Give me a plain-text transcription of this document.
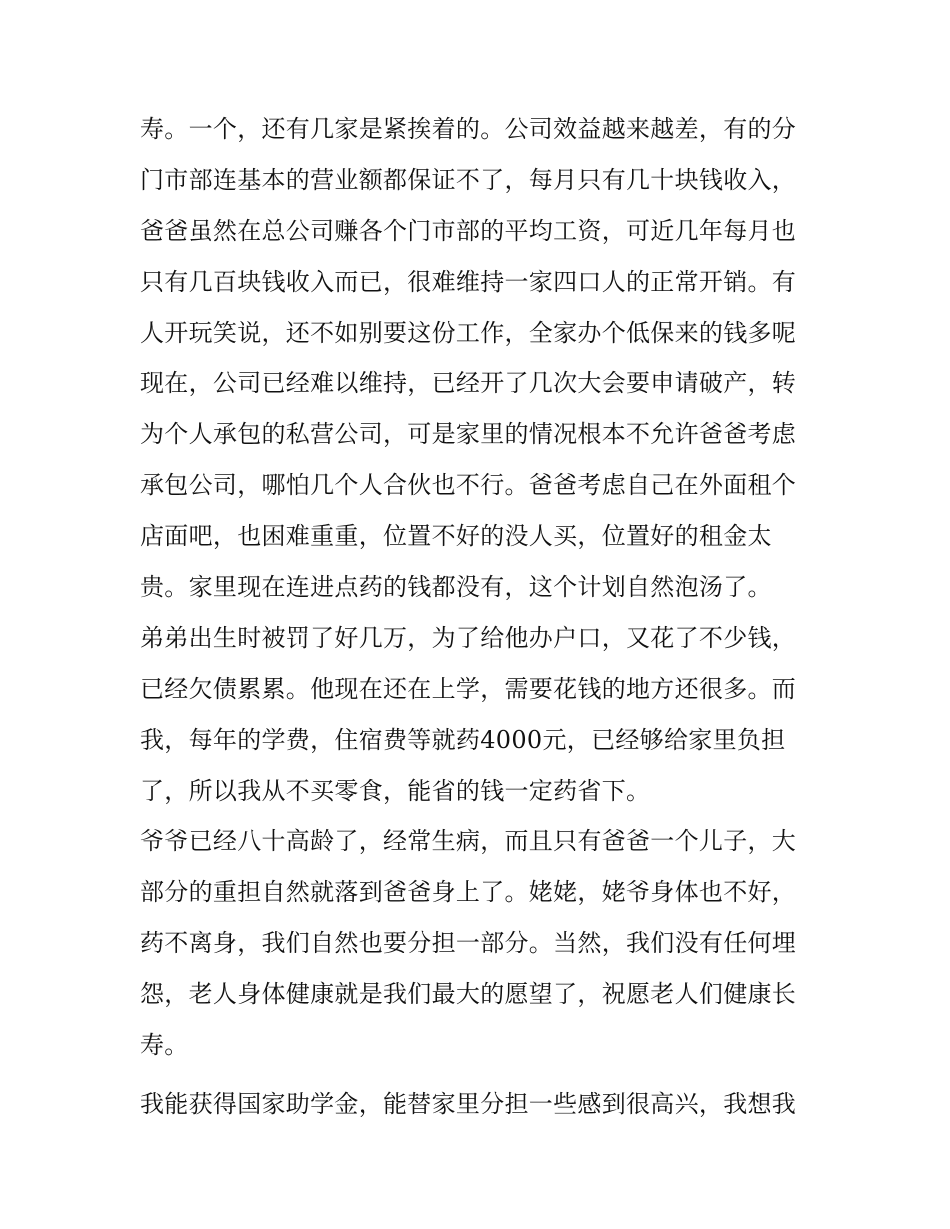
寿。一个，还有几家是紧挨着的。公司效益越来越差，有的分
门市部连基本的营业额都保证不了，每月只有几十块钱收入，
爸爸虽然在总公司赚各个门市部的平均工资，可近几年每月也
只有几百块钱收入而已，很难维持一家四口人的正常开销。有
人开玩笑说，还不如别要这份工作，全家办个低保来的钱多呢
现在，公司已经难以维持，已经开了几次大会要申请破产，转
为个人承包的私营公司，可是家里的情况根本不允许爸爸考虑
承包公司，哪怕几个人合伙也不行。爸爸考虑自己在外面租个
店面吧，也困难重重，位置不好的没人买，位置好的租金太
贵。家里现在连进点药的钱都没有，这个计划自然泡汤了。
弟弟出生时被罚了好几万，为了给他办户口，又花了不少钱，
已经欠债累累。他现在还在上学，需要花钱的地方还很多。而
我，每年的学费，住宿费等就药4000元，已经够给家里负担
了，所以我从不买零食，能省的钱一定药省下。
爷爷已经八十高龄了，经常生病，而且只有爸爸一个儿子，大
部分的重担自然就落到爸爸身上了。姥姥，姥爷身体也不好，
药不离身，我们自然也要分担一部分。当然，我们没有任何埋
怨，老人身体健康就是我们最大的愿望了，祝愿老人们健康长
寿。
我能获得国家助学金，能替家里分担一些感到很高兴，我想我
